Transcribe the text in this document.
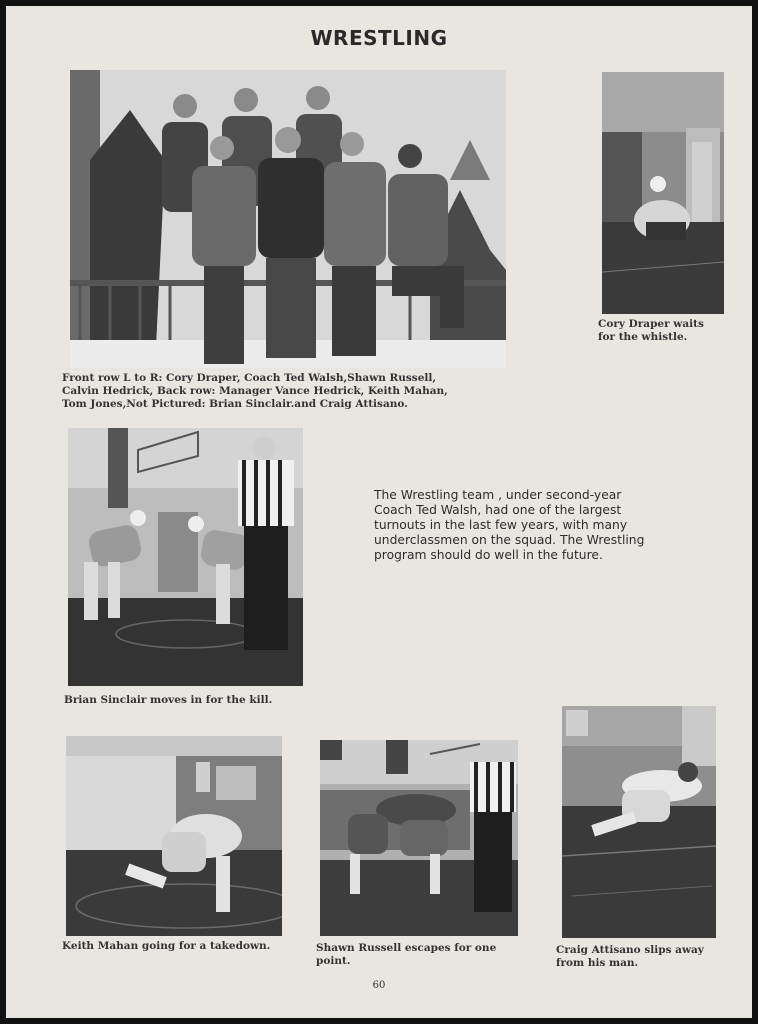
WRESTLING
Front row L to R: Cory Draper, Coach Ted Walsh,Shawn Russell,
Calvin Hedrick, Back row: Manager Vance Hedrick, Keith Mahan,
Tom Jones,Not Pictured: Brian Sinclair.and Craig Attisano.
Cory Draper waits
for the whistle.
Brian Sinclair moves in for the kill.
The Wrestling team , under second-year
Coach Ted Walsh, had one of the largest
turnouts in the last few years, with many
underclassmen on the squad. The Wrestling
program should do well in the future.
Keith Mahan going for a takedown.	Shawn Russell escapes for one
point.
Craig Attisano slips away
from his man.
60
